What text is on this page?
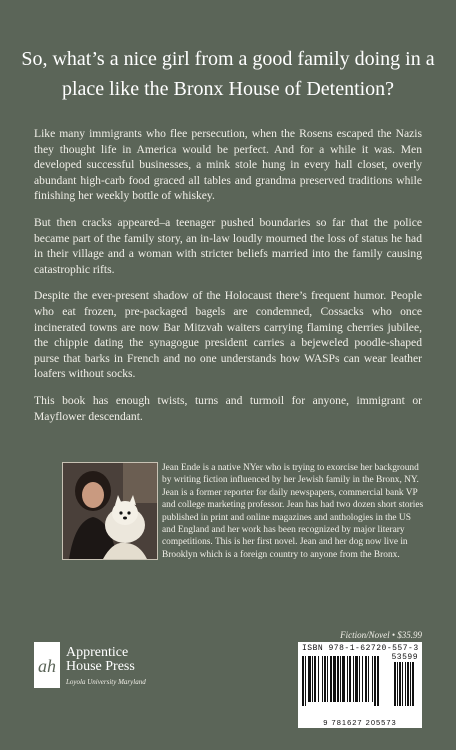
So, what’s a nice girl from a good family doing in a place like the Bronx House of Detention?

Like many immigrants who flee persecution, when the Rosens escaped the Nazis they thought life in America would be perfect. And for a while it was. Men developed successful businesses, a mink stole hung in every hall closet, overly abundant high-carb food graced all tables and grandma preserved traditions while finishing her weekly bottle of whiskey.

But then cracks appeared–a teenager pushed boundaries so far that the police became part of the family story, an in-law loudly mourned the loss of status he had in their village and a woman with stricter beliefs married into the family causing catastrophic rifts.

Despite the ever-present shadow of the Holocaust there’s frequent humor. People who eat frozen, pre-packaged bagels are condemned, Cossacks who once incinerated towns are now Bar Mitzvah waiters carrying flaming cherries jubilee, the chippie dating the synagogue president carries a bejeweled poodle-shaped purse that barks in French and no one understands how WASPs can wear leather loafers without socks.

This book has enough twists, turns and turmoil for anyone, immigrant or Mayflower descendant.

Jean Ende is a native NYer who is trying to exorcise her background by writing fiction influenced by her Jewish family in the Bronx, NY. Jean is a former reporter for daily newspapers, commercial bank VP and college marketing professor. Jean has had two dozen short stories published in print and online magazines and anthologies in the US and England and her work has been recognized by major literary competitions. This is her first novel. Jean and her dog now live in Brooklyn which is a foreign country to anyone from the Bronx.
ah
Apprentice
House Press
Loyola University Maryland
Fiction/Novel • $35.99
ISBN 978-1-62720-557-3
53599
9 781627 205573
